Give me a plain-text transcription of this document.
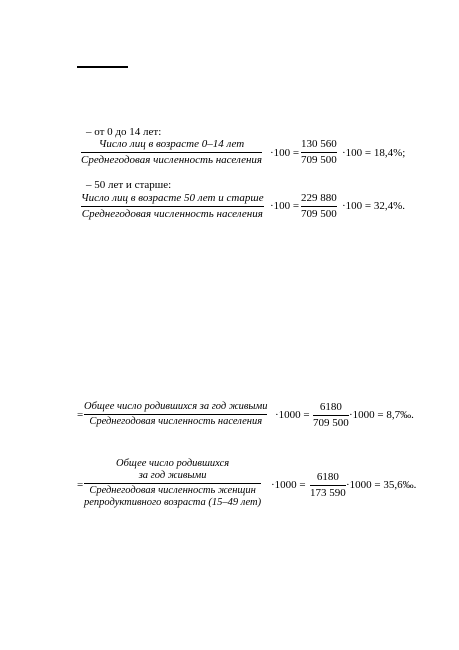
– от 0 до 14 лет:
Число лиц в возрасте 0–14 лет
Среднегодовая численность населения
·100 =
130 560
709 500
·100 = 18,4%;
– 50 лет и старше:
Число лиц в возрасте 50 лет и старше
Среднегодовая численность населения
·100 =
229 880
709 500
·100 = 32,4%.
=
Общее число родившихся за год живыми
Среднегодовая численность населения
·1000 =
6180
709 500
·1000 = 8,7‰.
=
Общее число родившихся
за год живыми
Среднегодовая численность женщин
репродуктивного возраста (15–49 лет)
·1000 =
6180
173 590
·1000 = 35,6‰.
